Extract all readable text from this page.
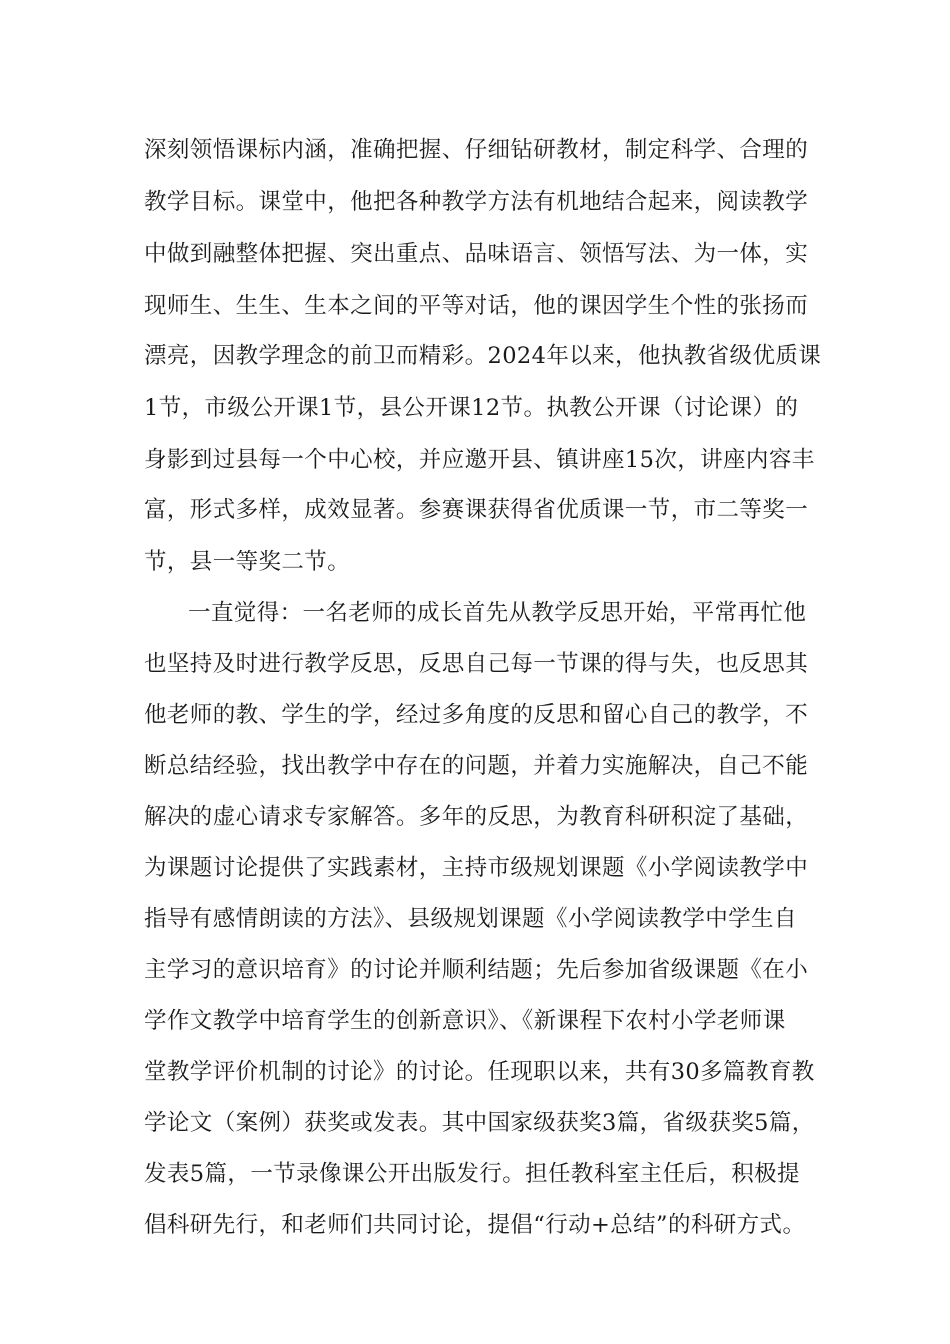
深刻领悟课标内涵，准确把握、仔细钻研教材，制定科学、合理的
教学目标。课堂中，他把各种教学方法有机地结合起来，阅读教学
中做到融整体把握、突出重点、品味语言、领悟写法、为一体，实
现师生、生生、生本之间的平等对话，他的课因学生个性的张扬而
漂亮，因教学理念的前卫而精彩。2024年以来，他执教省级优质课
1节，市级公开课1节，县公开课12节。执教公开课（讨论课）的
身影到过县每一个中心校，并应邀开县、镇讲座15次，讲座内容丰
富，形式多样，成效显著。参赛课获得省优质课一节，市二等奖一
节，县一等奖二节。
一直觉得：一名老师的成长首先从教学反思开始，平常再忙他
也坚持及时进行教学反思，反思自己每一节课的得与失，也反思其
他老师的教、学生的学，经过多角度的反思和留心自己的教学，不
断总结经验，找出教学中存在的问题，并着力实施解决，自己不能
解决的虚心请求专家解答。多年的反思，为教育科研积淀了基础，
为课题讨论提供了实践素材，主持市级规划课题《小学阅读教学中
指导有感情朗读的方法》、县级规划课题《小学阅读教学中学生自
主学习的意识培育》的讨论并顺利结题；先后参加省级课题《在小
学作文教学中培育学生的创新意识》、《新课程下农村小学老师课
堂教学评价机制的讨论》的讨论。任现职以来，共有30多篇教育教
学论文（案例）获奖或发表。其中国家级获奖3篇，省级获奖5篇，
发表5篇，一节录像课公开出版发行。担任教科室主任后，积极提
倡科研先行，和老师们共同讨论，提倡“行动+总结”的科研方式。
